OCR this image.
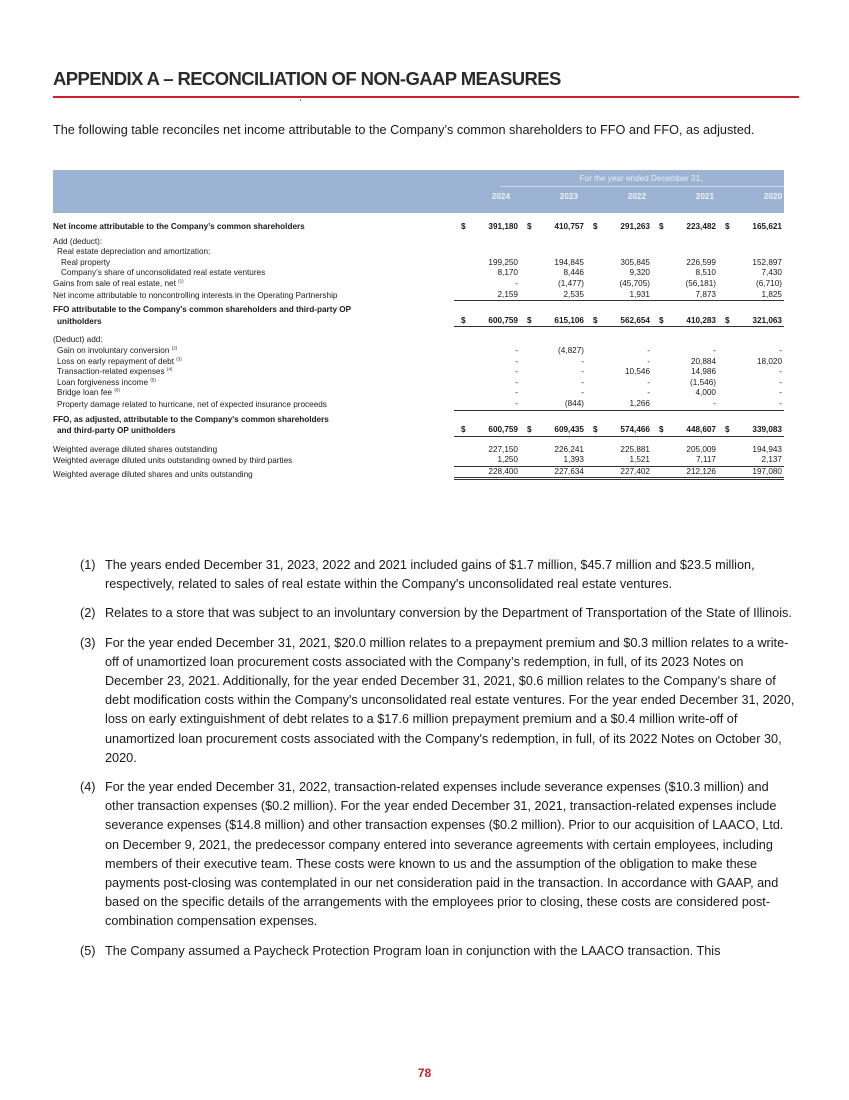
APPENDIX A – RECONCILIATION OF NON-GAAP MEASURES
The following table reconciles net income attributable to the Company’s common shareholders to FFO and FFO, as adjusted.
For the year ended December 31,
2024	2023	2022	2021	2020
Net income attributable to the Company’s common shareholders	$	391,180	$	410,757	$	291,263	$	223,482	$	165,621
Add (deduct):
Real estate depreciation and amortization:
Real property	199,250	194,845	305,845	226,599	152,897
Company’s share of unconsolidated real estate ventures	8,170	8,446	9,320	8,510	7,430
Gains from sale of real estate, net $^{(1)}$	-	(1,477)	(45,705)	(56,181)	(6,710)
Net income attributable to noncontrolling interests in the Operating Partnership	2,159	2,535	1,931	7,873	1,825
FFO attributable to the Company's common shareholders and third-party OP
unitholders	$	600,759	$	615,106	$	562,654	$	410,283	$	321,063
(Deduct) add:
Gain on involuntary conversion $^{(2)}$	-	(4,827)	-	-	-
Loss on early repayment of debt $^{(3)}$	-	-	-	20,884	18,020
Transaction-related expenses $^{(4)}$	-	-	10,546	14,986	-
Loan forgiveness income $^{(5)}$	-	-	-	(1,546)	-
Bridge loan fee $^{(6)}$	-	-	-	4,000	-
Property damage related to hurricane, net of expected insurance proceeds	-	(844)	1,266	-	-
FFO, as adjusted, attributable to the Company's common shareholders
and third-party OP unitholders	$	600,759	$	609,435	$	574,466	$	448,607	$	339,083
Weighted average diluted shares outstanding	227,150	226,241	225,881	205,009	194,943
Weighted average diluted units outstanding owned by third parties	1,250	1,393	1,521	7,117	2,137
Weighted average diluted shares and units outstanding	228,400	227,634	227,402	212,126	197,080
(1) The years ended December 31, 2023, 2022 and 2021 included gains of $1.7 million, $45.7 million and $23.5 million, respectively, related to sales of real estate within the Company's unconsolidated real estate ventures.
(2) Relates to a store that was subject to an involuntary conversion by the Department of Transportation of the State of Illinois.
(3) For the year ended December 31, 2021, $20.0 million relates to a prepayment premium and $0.3 million relates to a write-off of unamortized loan procurement costs associated with the Company’s redemption, in full, of its 2023 Notes on December 23, 2021. Additionally, for the year ended December 31, 2021, $0.6 million relates to the Company's share of debt modification costs within the Company's unconsolidated real estate ventures. For the year ended December 31, 2020, loss on early extinguishment of debt relates to a $17.6 million prepayment premium and a $0.4 million write-off of unamortized loan procurement costs associated with the Company's redemption, in full, of its 2022 Notes on October 30, 2020.
(4) For the year ended December 31, 2022, transaction-related expenses include severance expenses ($10.3 million) and other transaction expenses ($0.2 million). For the year ended December 31, 2021, transaction-related expenses include severance expenses ($14.8 million) and other transaction expenses ($0.2 million). Prior to our acquisition of LAACO, Ltd. on December 9, 2021, the predecessor company entered into severance agreements with certain employees, including members of their executive team. These costs were known to us and the assumption of the obligation to make these payments post-closing was contemplated in our net consideration paid in the transaction. In accordance with GAAP, and based on the specific details of the arrangements with the employees prior to closing, these costs are considered post-combination compensation expenses.
(5) The Company assumed a Paycheck Protection Program loan in conjunction with the LAACO transaction. This
78
